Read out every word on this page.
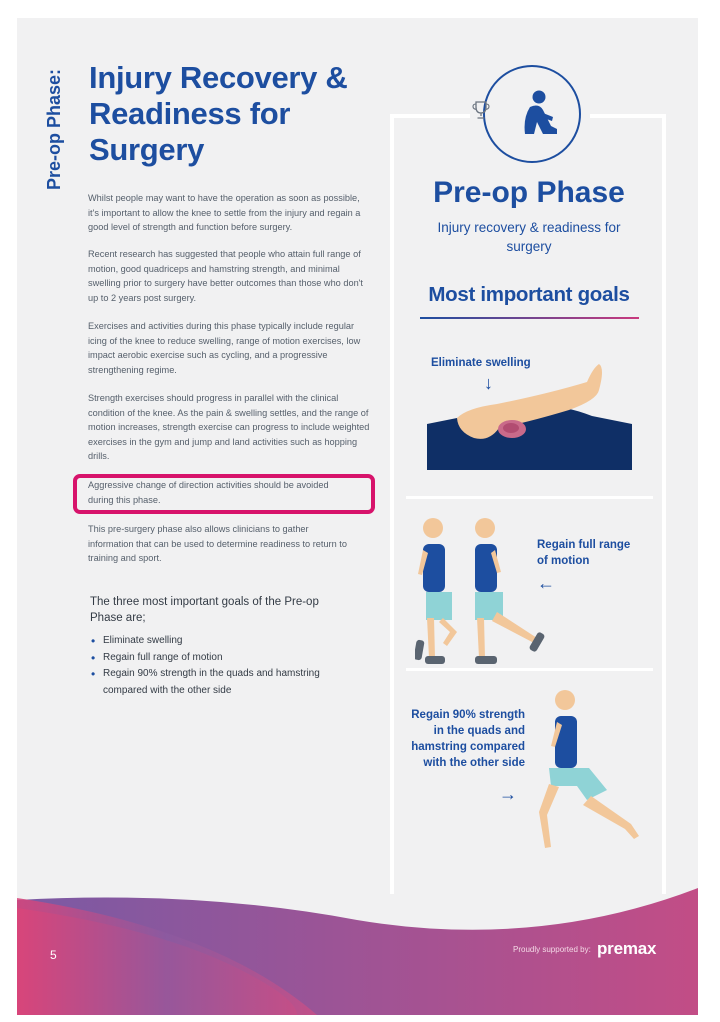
Pre-op Phase: Injury Recovery & Readiness for Surgery
Whilst people may want to have the operation as soon as possible, it's important to allow the knee to settle from the injury and regain a good level of strength and function before surgery.
Recent research has suggested that people who attain full range of motion, good quadriceps and hamstring strength, and minimal swelling prior to surgery have better outcomes than those who don't up to 2 years post surgery.
Exercises and activities during this phase typically include regular icing of the knee to reduce swelling, range of motion exercises, low impact aerobic exercise such as cycling, and a progressive strengthening regime.
Strength exercises should progress in parallel with the clinical condition of the knee. As the pain & swelling settles, and the range of motion increases, strength exercise can progress to include weighted exercises in the gym and jump and land activities such as hopping drills.
Aggressive change of direction activities should be avoided during this phase.
This pre-surgery phase also allows clinicians to gather information that can be used to determine readiness to return to training and sport.
The three most important goals of the Pre-op Phase are;
• Eliminate swelling
• Regain full range of motion
• Regain 90% strength in the quads and hamstring compared with the other side
Pre-op Phase
Injury recovery & readiness for surgery
Most important goals
Eliminate swelling
↓
Regain full range of motion
←
Regain 90% strength in the quads and hamstring compared with the other side
→
5	Proudly supported by: premax
